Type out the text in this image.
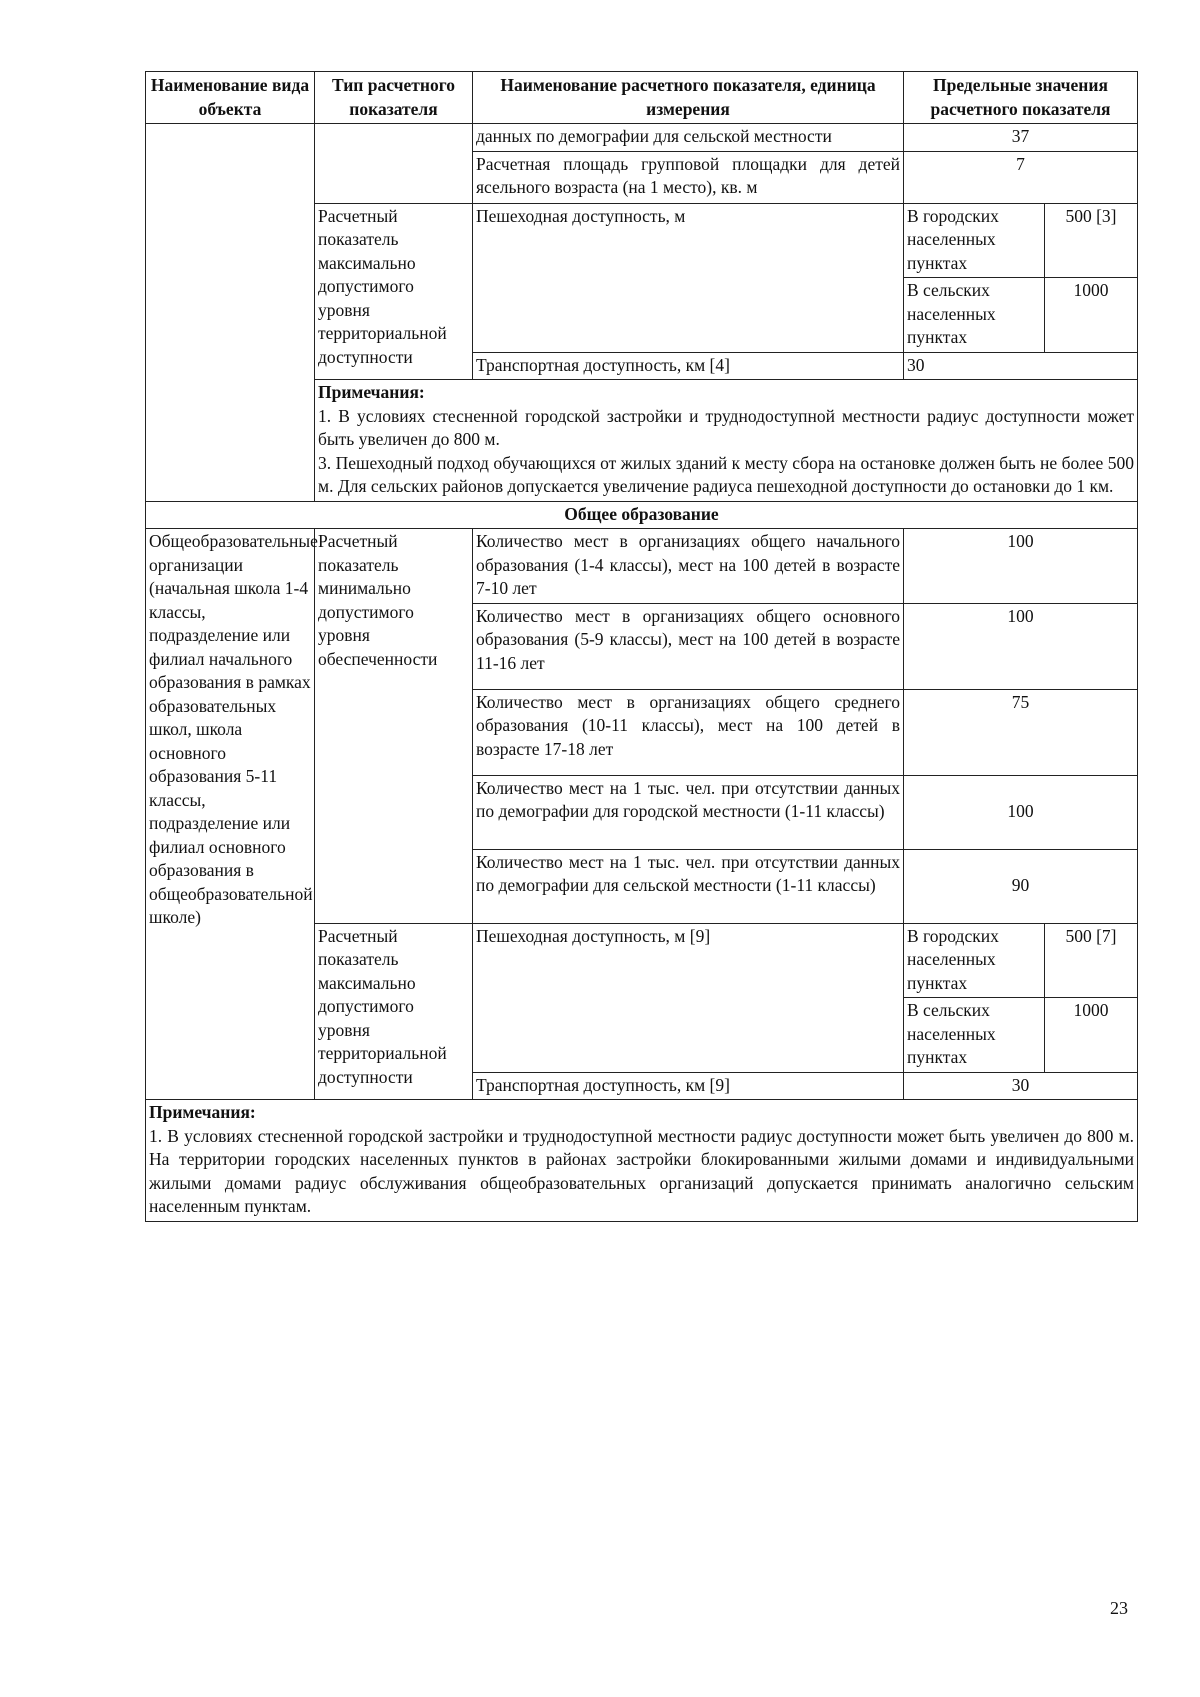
Наименование вида объекта	Тип расчетного показателя	Наименование расчетного показателя, единица измерения	Предельные значения расчетного показателя	
		данных по демографии для сельской местности	37	
		Расчетная площадь групповой площадки для детей ясельного возраста (на 1 место), кв. м	7	
	Расчетный показатель максимально допустимого уровня территориальной доступности	Пешеходная доступность, м	В городских населенных пунктах	500 [3]
			В сельских населенных пунктах	1000
		Транспортная доступность, км [4]	30	

	Примечания:
1. В условиях стесненной городской застройки и труднодоступной местности радиус доступности может быть увеличен до 800 м.
3. Пешеходный подход обучающихся от жилых зданий к месту сбора на остановке должен быть не более 500 м. Для сельских районов допускается увеличение радиуса пешеходной доступности до остановки до 1 км.			

Общее образование				
Общеобразовательные организации (начальная школа 1-4 классы, подразделение или филиал начального образования в рамках образовательных школ, школа основного образования 5-11 классы, подразделение или филиал основного образования в общеобразовательной школе)	Расчетный показатель минимально допустимого уровня обеспеченности	Количество мест в организациях общего начального образования (1-4 классы), мест на 100 детей в возрасте 7-10 лет	100	
		Количество мест в организациях общего основного образования (5-9 классы), мест на 100 детей в возрасте 11-16 лет	100	
		Количество мест в организациях общего среднего образования (10-11 классы), мест на 100 детей в возрасте 17-18 лет	75	
		Количество мест на 1 тыс. чел. при отсутствии данных по демографии для городской местности (1-11 классы)	100	
		Количество мест на 1 тыс. чел. при отсутствии данных по демографии для сельской местности (1-11 классы)	90	
	Расчетный показатель максимально допустимого уровня территориальной доступности	Пешеходная доступность, м [9]	В городских населенных пунктах	500 [7]
			В сельских населенных пунктах	1000
		Транспортная доступность, км [9]	30	

Примечания:
1. В условиях стесненной городской застройки и труднодоступной местности радиус доступности может быть увеличен до 800 м. На территории городских населенных пунктов в районах застройки блокированными жилыми домами и индивидуальными жилыми домами радиус обслуживания общеобразовательных организаций допускается принимать аналогично сельским населенным пунктам.				
23
